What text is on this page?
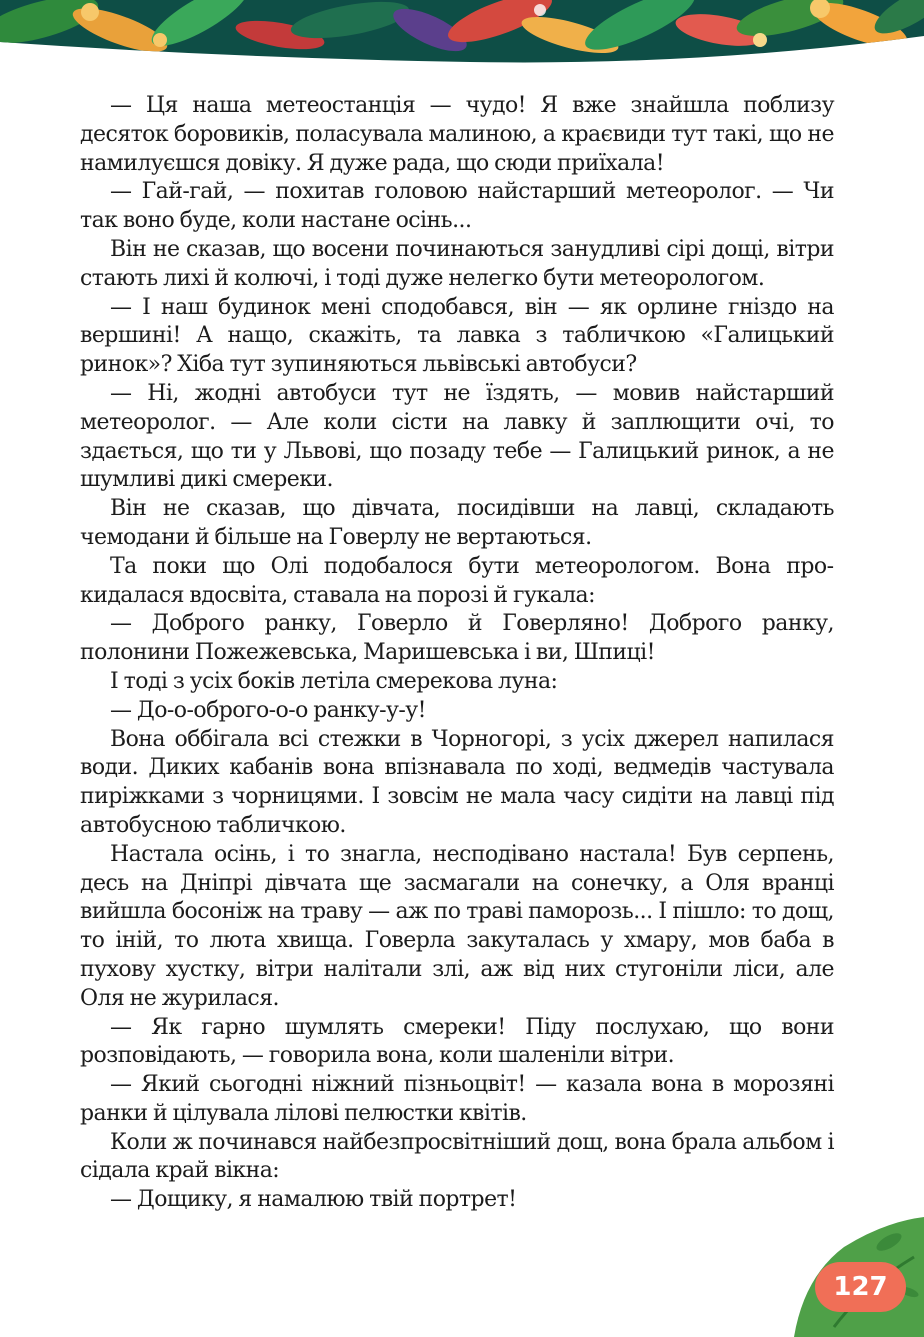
— Ця наша метеостанція — чудо! Я вже знайшла поблизу десяток боровиків, поласувала малиною, а краєвиди тут такі, що не намилуєшся довіку. Я дуже рада, що сюди приїхала!

— Гай-гай, — похитав головою найстарший метеоролог. — Чи так воно буде, коли настане осінь...

Він не сказав, що восени починаються занудливі сірі дощі, вітри стають лихі й колючі, і тоді дуже нелегко бути метеорологом.

— І наш будинок мені сподобався, він — як орлине гніздо на вершині! А нащо, скажіть, та лавка з табличкою «Галицький ринок»? Хіба тут зупиняються львівські автобуси?

— Ні, жодні автобуси тут не їздять, — мовив найстарший метеоролог. — Але коли сісти на лавку й заплющити очі, то здається, що ти у Львові, що позаду тебе — Галицький ринок, а не шумливі дикі смереки.

Він не сказав, що дівчата, посидівши на лавці, складають чемодани й більше на Говерлу не вертаються.

Та поки що Олі подобалося бути метеорологом. Вона прокидалася вдосвіта, ставала на порозі й гукала:

— Доброго ранку, Говерло й Говерляно! Доброго ранку, полонини Пожежевська, Маришевська і ви, Шпиці!

І тоді з усіх боків летіла смерекова луна:

— До-о-оброго-о-о ранку-у-у!

Вона оббігала всі стежки в Чорногорі, з усіх джерел напилася води. Диких кабанів вона впізнавала по ході, ведмедів частувала пиріжками з чорницями. І зовсім не мала часу сидіти на лавці під автобусною табличкою.

Настала осінь, і то знагла, несподівано настала! Був серпень, десь на Дніпрі дівчата ще засмагали на сонечку, а Оля вранці вийшла босоніж на траву — аж по траві паморозь... І пішло: то дощ, то іній, то люта хвища. Говерла закуталась у хмару, мов баба в пухову хустку, вітри налітали злі, аж від них стугоніли ліси, але Оля не журилася.

— Як гарно шумлять смереки! Піду послухаю, що вони розповідають, — говорила вона, коли шаленіли вітри.

— Який сьогодні ніжний пізньоцвіт! — казала вона в морозяні ранки й цілувала лілові пелюстки квітів.

Коли ж починався найбезпросвітніший дощ, вона брала альбом і сідала край вікна:

— Дощику, я намалюю твій портрет!

127
